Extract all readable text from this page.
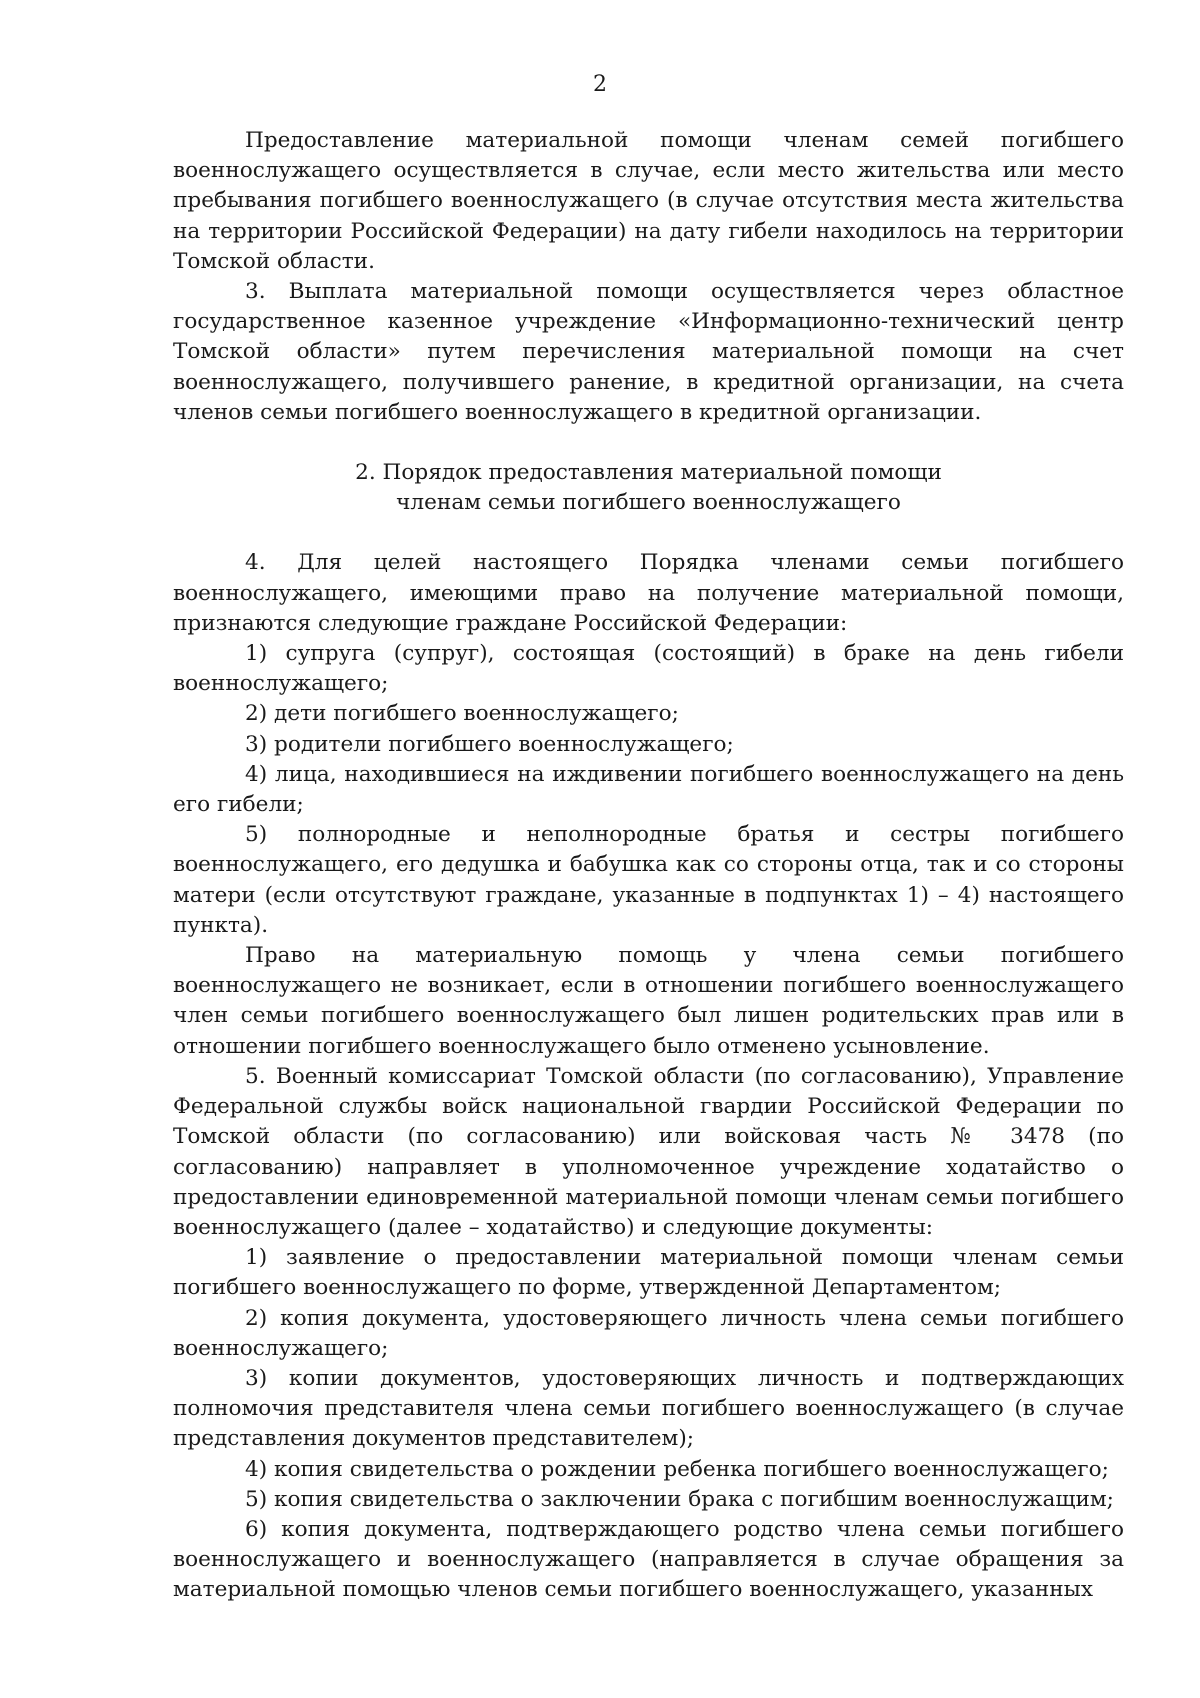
2

Предоставление материальной помощи членам семей погибшего военнослужащего осуществляется в случае, если место жительства или место пребывания погибшего военнослужащего (в случае отсутствия места жительства на территории Российской Федерации) на дату гибели находилось на территории Томской области.

3. Выплата материальной помощи осуществляется через областное государственное казенное учреждение «Информационно-технический центр Томской области» путем перечисления материальной помощи на счет военнослужащего, получившего ранение, в кредитной организации, на счета членов семьи погибшего военнослужащего в кредитной организации.

2. Порядок предоставления материальной помощи
членам семьи погибшего военнослужащего

4. Для целей настоящего Порядка членами семьи погибшего военнослужащего, имеющими право на получение материальной помощи, признаются следующие граждане Российской Федерации:

1) супруга (супруг), состоящая (состоящий) в браке на день гибели военнослужащего;

2) дети погибшего военнослужащего;

3) родители погибшего военнослужащего;

4) лица, находившиеся на иждивении погибшего военнослужащего на день его гибели;

5) полнородные и неполнородные братья и сестры погибшего военнослужащего, его дедушка и бабушка как со стороны отца, так и со стороны матери (если отсутствуют граждане, указанные в подпунктах 1) – 4) настоящего пункта).

Право на материальную помощь у члена семьи погибшего военнослужащего не возникает, если в отношении погибшего военнослужащего член семьи погибшего военнослужащего был лишен родительских прав или в отношении погибшего военнослужащего было отменено усыновление.

5. Военный комиссариат Томской области (по согласованию), Управление Федеральной службы войск национальной гвардии Российской Федерации по Томской области (по согласованию) или войсковая часть № 3478 (по согласованию) направляет в уполномоченное учреждение ходатайство о предоставлении единовременной материальной помощи членам семьи погибшего военнослужащего (далее – ходатайство) и следующие документы:

1) заявление о предоставлении материальной помощи членам семьи погибшего военнослужащего по форме, утвержденной Департаментом;

2) копия документа, удостоверяющего личность члена семьи погибшего военнослужащего;

3) копии документов, удостоверяющих личность и подтверждающих полномочия представителя члена семьи погибшего военнослужащего (в случае представления документов представителем);

4) копия свидетельства о рождении ребенка погибшего военнослужащего;

5) копия свидетельства о заключении брака с погибшим военнослужащим;

6) копия документа, подтверждающего родство члена семьи погибшего военнослужащего и военнослужащего (направляется в случае обращения за материальной помощью членов семьи погибшего военнослужащего, указанных
